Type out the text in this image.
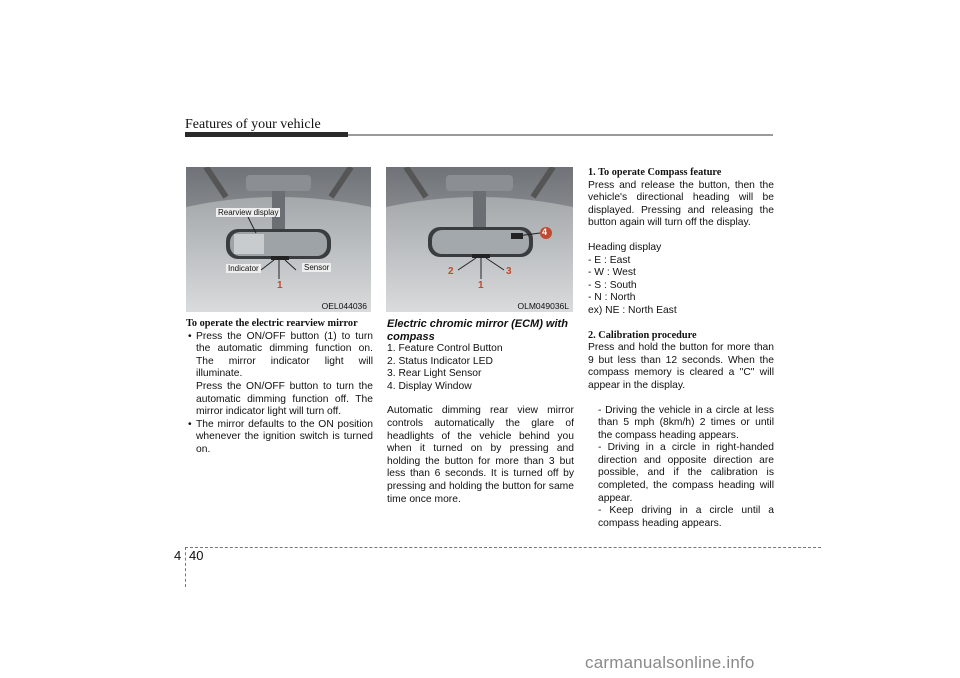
Features of your vehicle
Rearview display
Indicator	Sensor
1
OEL044036
4
2	3
1
OLM049036L

To operate the electric rearview mirror

• Press the ON/OFF button (1) to turn the automatic dimming function on. The mirror indicator light will illuminate.

Press the ON/OFF button to turn the automatic dimming function off. The mirror indicator light will turn off.

• The mirror defaults to the ON position whenever the ignition switch is turned on.

Electric chromic mirror (ECM) with compass

1. Feature Control Button

2. Status Indicator LED

3. Rear Light Sensor

4. Display Window

Automatic dimming rear view mirror controls automatically the glare of headlights of the vehicle behind you when it turned on by pressing and holding the button for more than 3 but less than 6 seconds. It is turned off by pressing and holding the button for same time once more.

1. To operate Compass feature

Press and release the button, then the vehicle's directional heading will be displayed. Pressing and releasing the button again will turn off the display.

Heading display

- E : East

- W : West

- S : South

- N : North

ex) NE : North East

2. Calibration procedure

Press and hold the button for more than 9 but less than 12 seconds. When the compass memory is cleared a "C" will appear in the display.

- Driving the vehicle in a circle at less than 5 mph (8km/h) 2 times or until the compass heading appears.

- Driving in a circle in right-handed direction and opposite direction are possible, and if the calibration is completed, the compass heading will appear.

- Keep driving in a circle until a compass heading appears.

4 40
carmanualsonline.info
